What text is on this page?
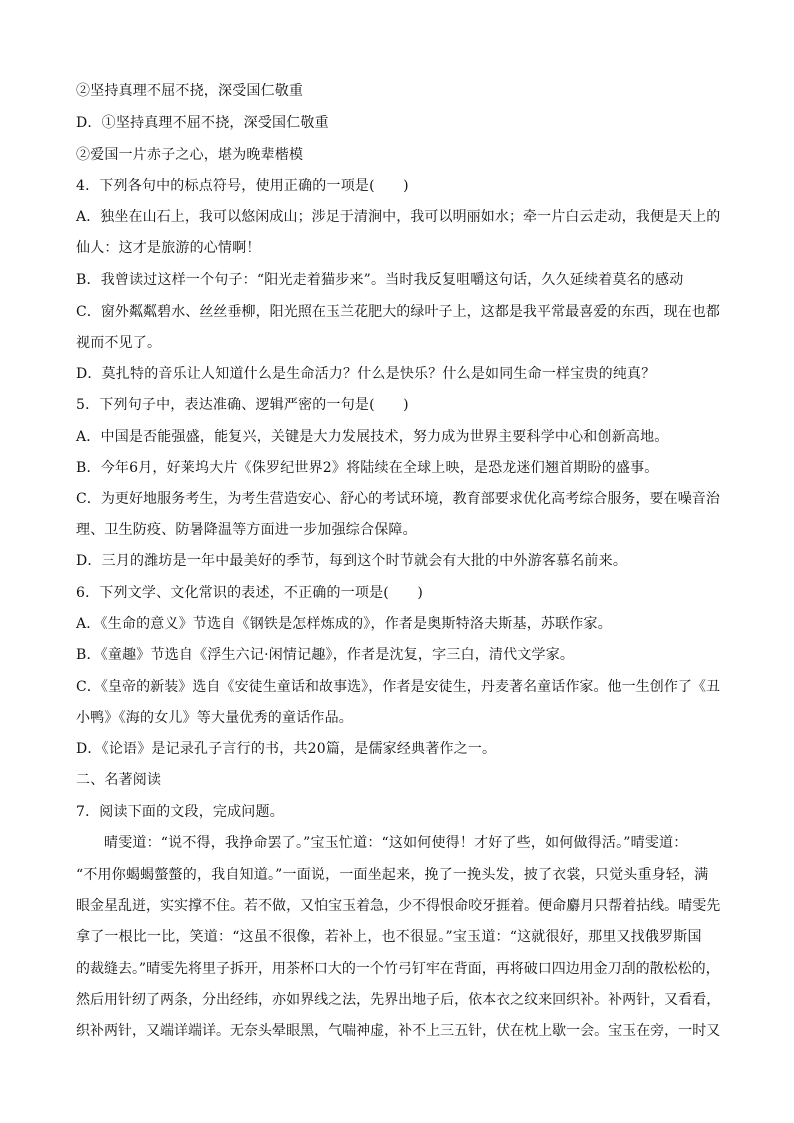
②坚持真理不屈不挠，深受国仁敬重
D．①坚持真理不屈不挠，深受国仁敬重
②爱国一片赤子之心，堪为晚辈楷模
4．下列各句中的标点符号，使用正确的一项是(　　)
A．独坐在山石上，我可以悠闲成山；涉足于清涧中，我可以明丽如水；牵一片白云走动，我便是天上的
仙人：这才是旅游的心情啊！
B．我曾读过这样一个句子：“阳光走着猫步来”。当时我反复咀嚼这句话，久久延续着莫名的感动
C．窗外粼粼碧水、丝丝垂柳，阳光照在玉兰花肥大的绿叶子上，这都是我平常最喜爱的东西，现在也都
视而不见了。
D．莫扎特的音乐让人知道什么是生命活力？什么是快乐？什么是如同生命一样宝贵的纯真？
5．下列句子中，表达准确、逻辑严密的一句是(　　)
A．中国是否能强盛，能复兴，关键是大力发展技术，努力成为世界主要科学中心和创新高地。
B．今年6月，好莱坞大片《侏罗纪世界2》将陆续在全球上映，是恐龙迷们翘首期盼的盛事。
C．为更好地服务考生，为考生营造安心、舒心的考试环境，教育部要求优化高考综合服务，要在噪音治
理、卫生防疫、防暑降温等方面进一步加强综合保障。
D．三月的潍坊是一年中最美好的季节，每到这个时节就会有大批的中外游客慕名前来。
6．下列文学、文化常识的表述，不正确的一项是(　　)
A．《生命的意义》节选自《钢铁是怎样炼成的》，作者是奥斯特洛夫斯基，苏联作家。
B．《童趣》节选自《浮生六记·闲情记趣》，作者是沈复，字三白，清代文学家。
C．《皇帝的新装》选自《安徒生童话和故事选》，作者是安徒生，丹麦著名童话作家。他一生创作了《丑
小鸭》《海的女儿》等大量优秀的童话作品。
D．《论语》是记录孔子言行的书，共20篇，是儒家经典著作之一。
二、名著阅读
7．阅读下面的文段，完成问题。
晴雯道：“说不得，我挣命罢了。”宝玉忙道：“这如何使得！才好了些，如何做得活。”晴雯道：
“不用你蝎蝎螫螫的，我自知道。”一面说，一面坐起来，挽了一挽头发，披了衣裳，只觉头重身轻，满
眼金星乱迸，实实撑不住。若不做，又怕宝玉着急，少不得恨命咬牙捱着。便命麝月只帮着拈线。晴雯先
拿了一根比一比，笑道：“这虽不很像，若补上，也不很显。”宝玉道：“这就很好，那里又找俄罗斯国
的裁缝去。”晴雯先将里子拆开，用茶杯口大的一个竹弓钉牢在背面，再将破口四边用金刀刮的散松松的，
然后用针纫了两条，分出经纬，亦如界线之法，先界出地子后，依本衣之纹来回织补。补两针，又看看，
织补两针，又端详端详。无奈头晕眼黑，气喘神虚，补不上三五针，伏在枕上歇一会。宝玉在旁，一时又
